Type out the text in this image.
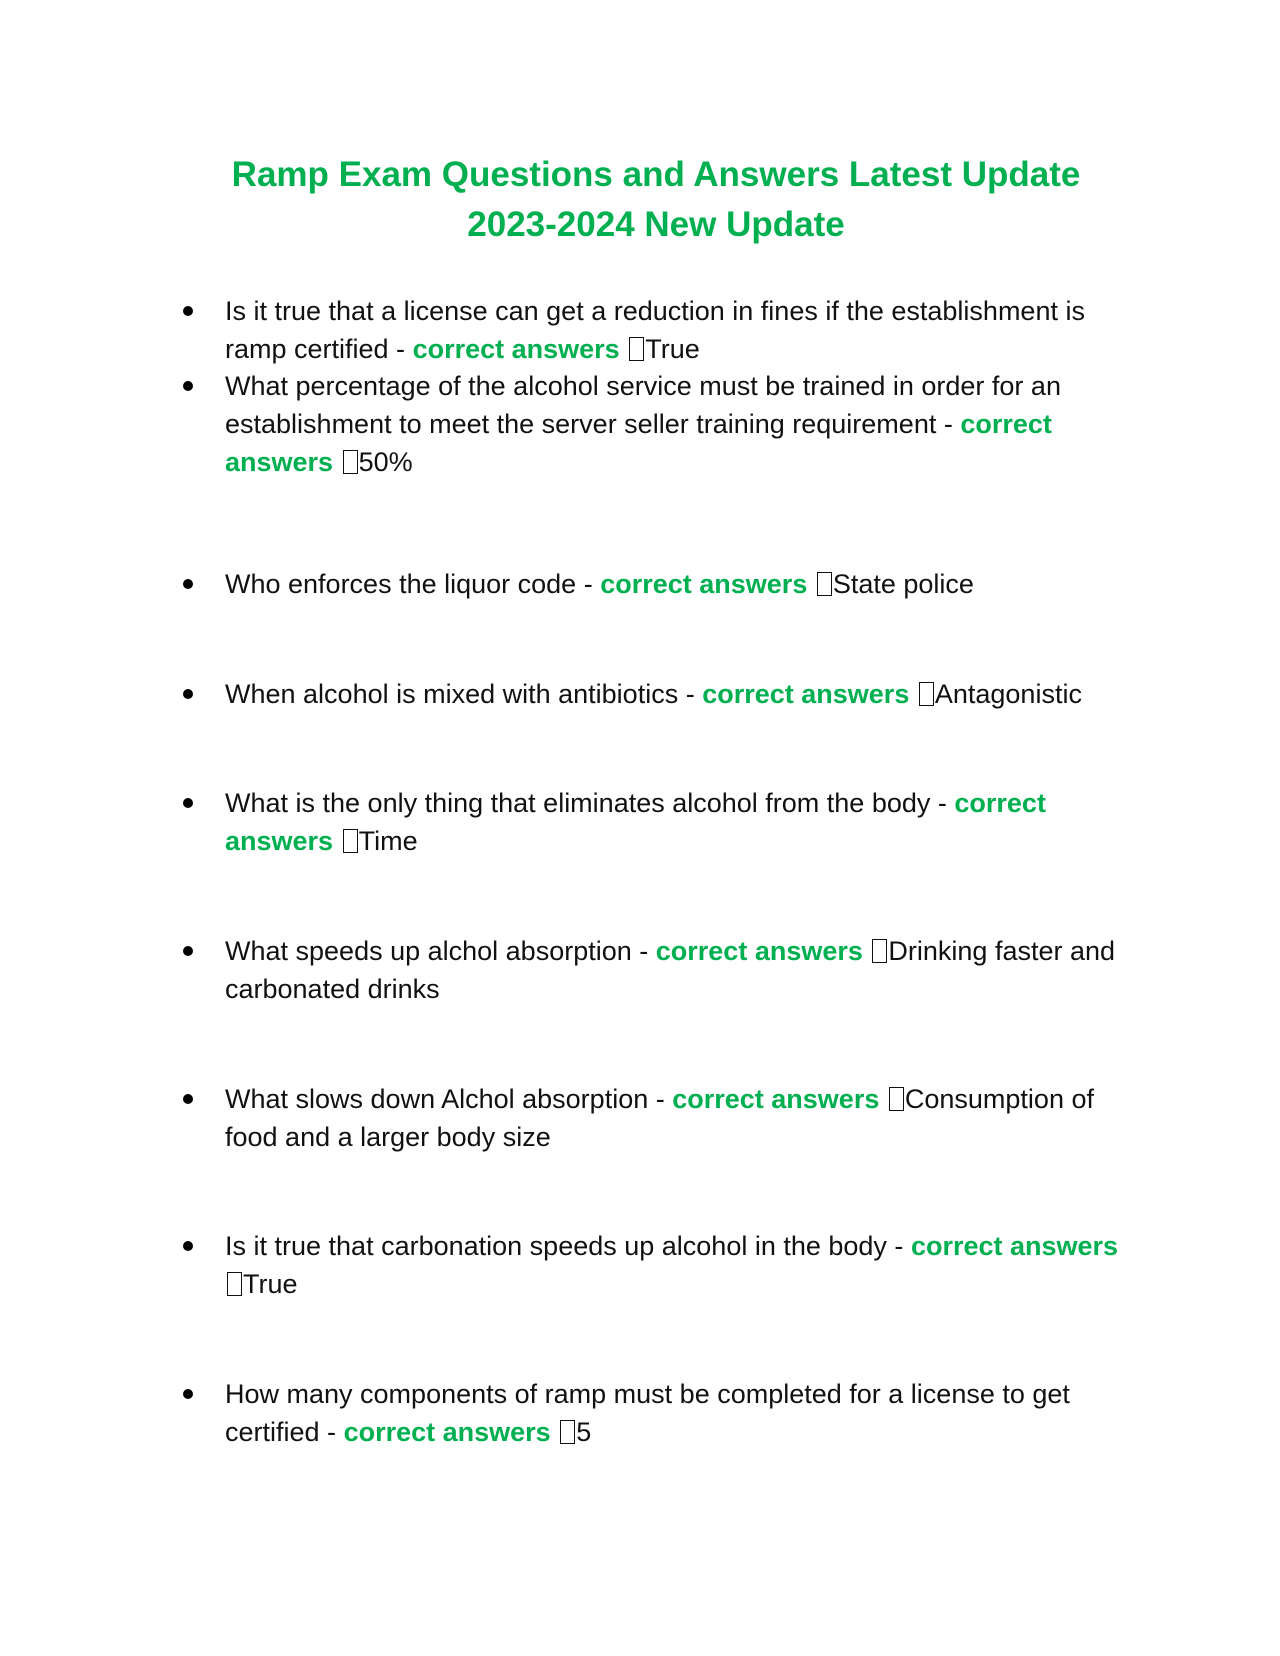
Ramp Exam Questions and Answers Latest Update
2023-2024 New Update
Is it true that a license can get a reduction in fines if the establishment is ramp certified - correct answers True
What percentage of the alcohol service must be trained in order for an establishment to meet the server seller training requirement - correct answers 50%
Who enforces the liquor code - correct answers State police
When alcohol is mixed with antibiotics - correct answers Antagonistic
What is the only thing that eliminates alcohol from the body - correct answers Time
What speeds up alchol absorption - correct answers Drinking faster and carbonated drinks
What slows down Alchol absorption - correct answers Consumption of food and a larger body size
Is it true that carbonation speeds up alcohol in the body - correct answers True
How many components of ramp must be completed for a license to get certified - correct answers 5
